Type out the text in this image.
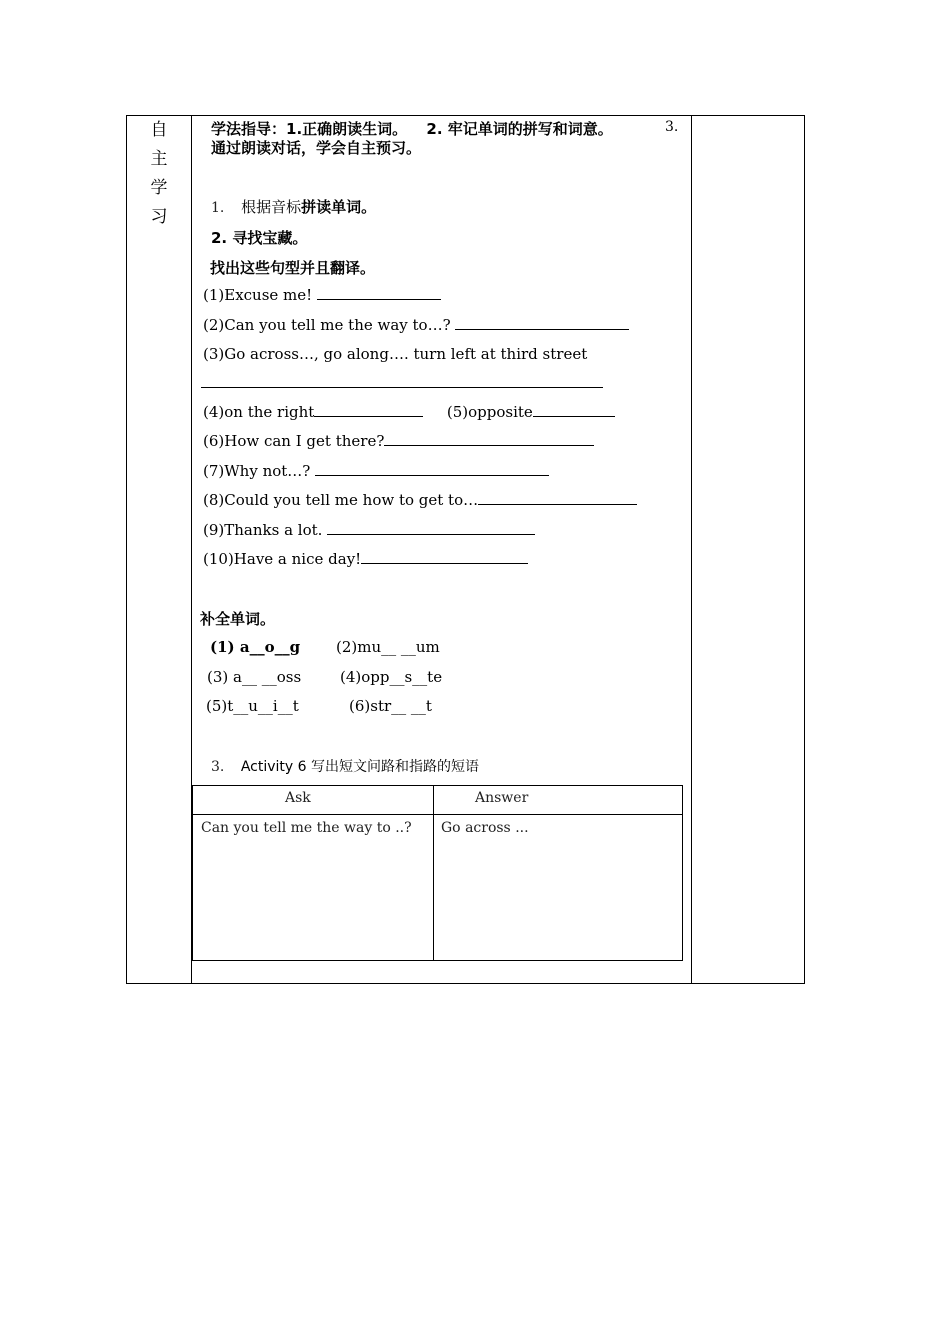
自
主
学
习
学法指导：1.正确朗读生词。 2. 牢记单词的拼写和词意。	3.
通过朗读对话，学会自主预习。
1. 根据音标拼读单词。
2. 寻找宝藏。
找出这些句型并且翻译。
(1)Excuse me!
(2)Can you tell me the way to…?
(3)Go across…, go along…. turn left at third street
(4)on the right	(5)opposite
(6)How can I get there?
(7)Why not…?
(8)Could you tell me how to get to…
(9)Thanks a lot.
(10)Have a nice day!
补全单词。
(1) a__o__g (2)mu__ __um
(3) a__ __oss	(4)opp__s__te
(5)t__u__i__t	(6)str__ __t
3. Activity 6 写出短文问路和指路的短语
Ask	Answer
Can you tell me the way to ..? Go across ...
